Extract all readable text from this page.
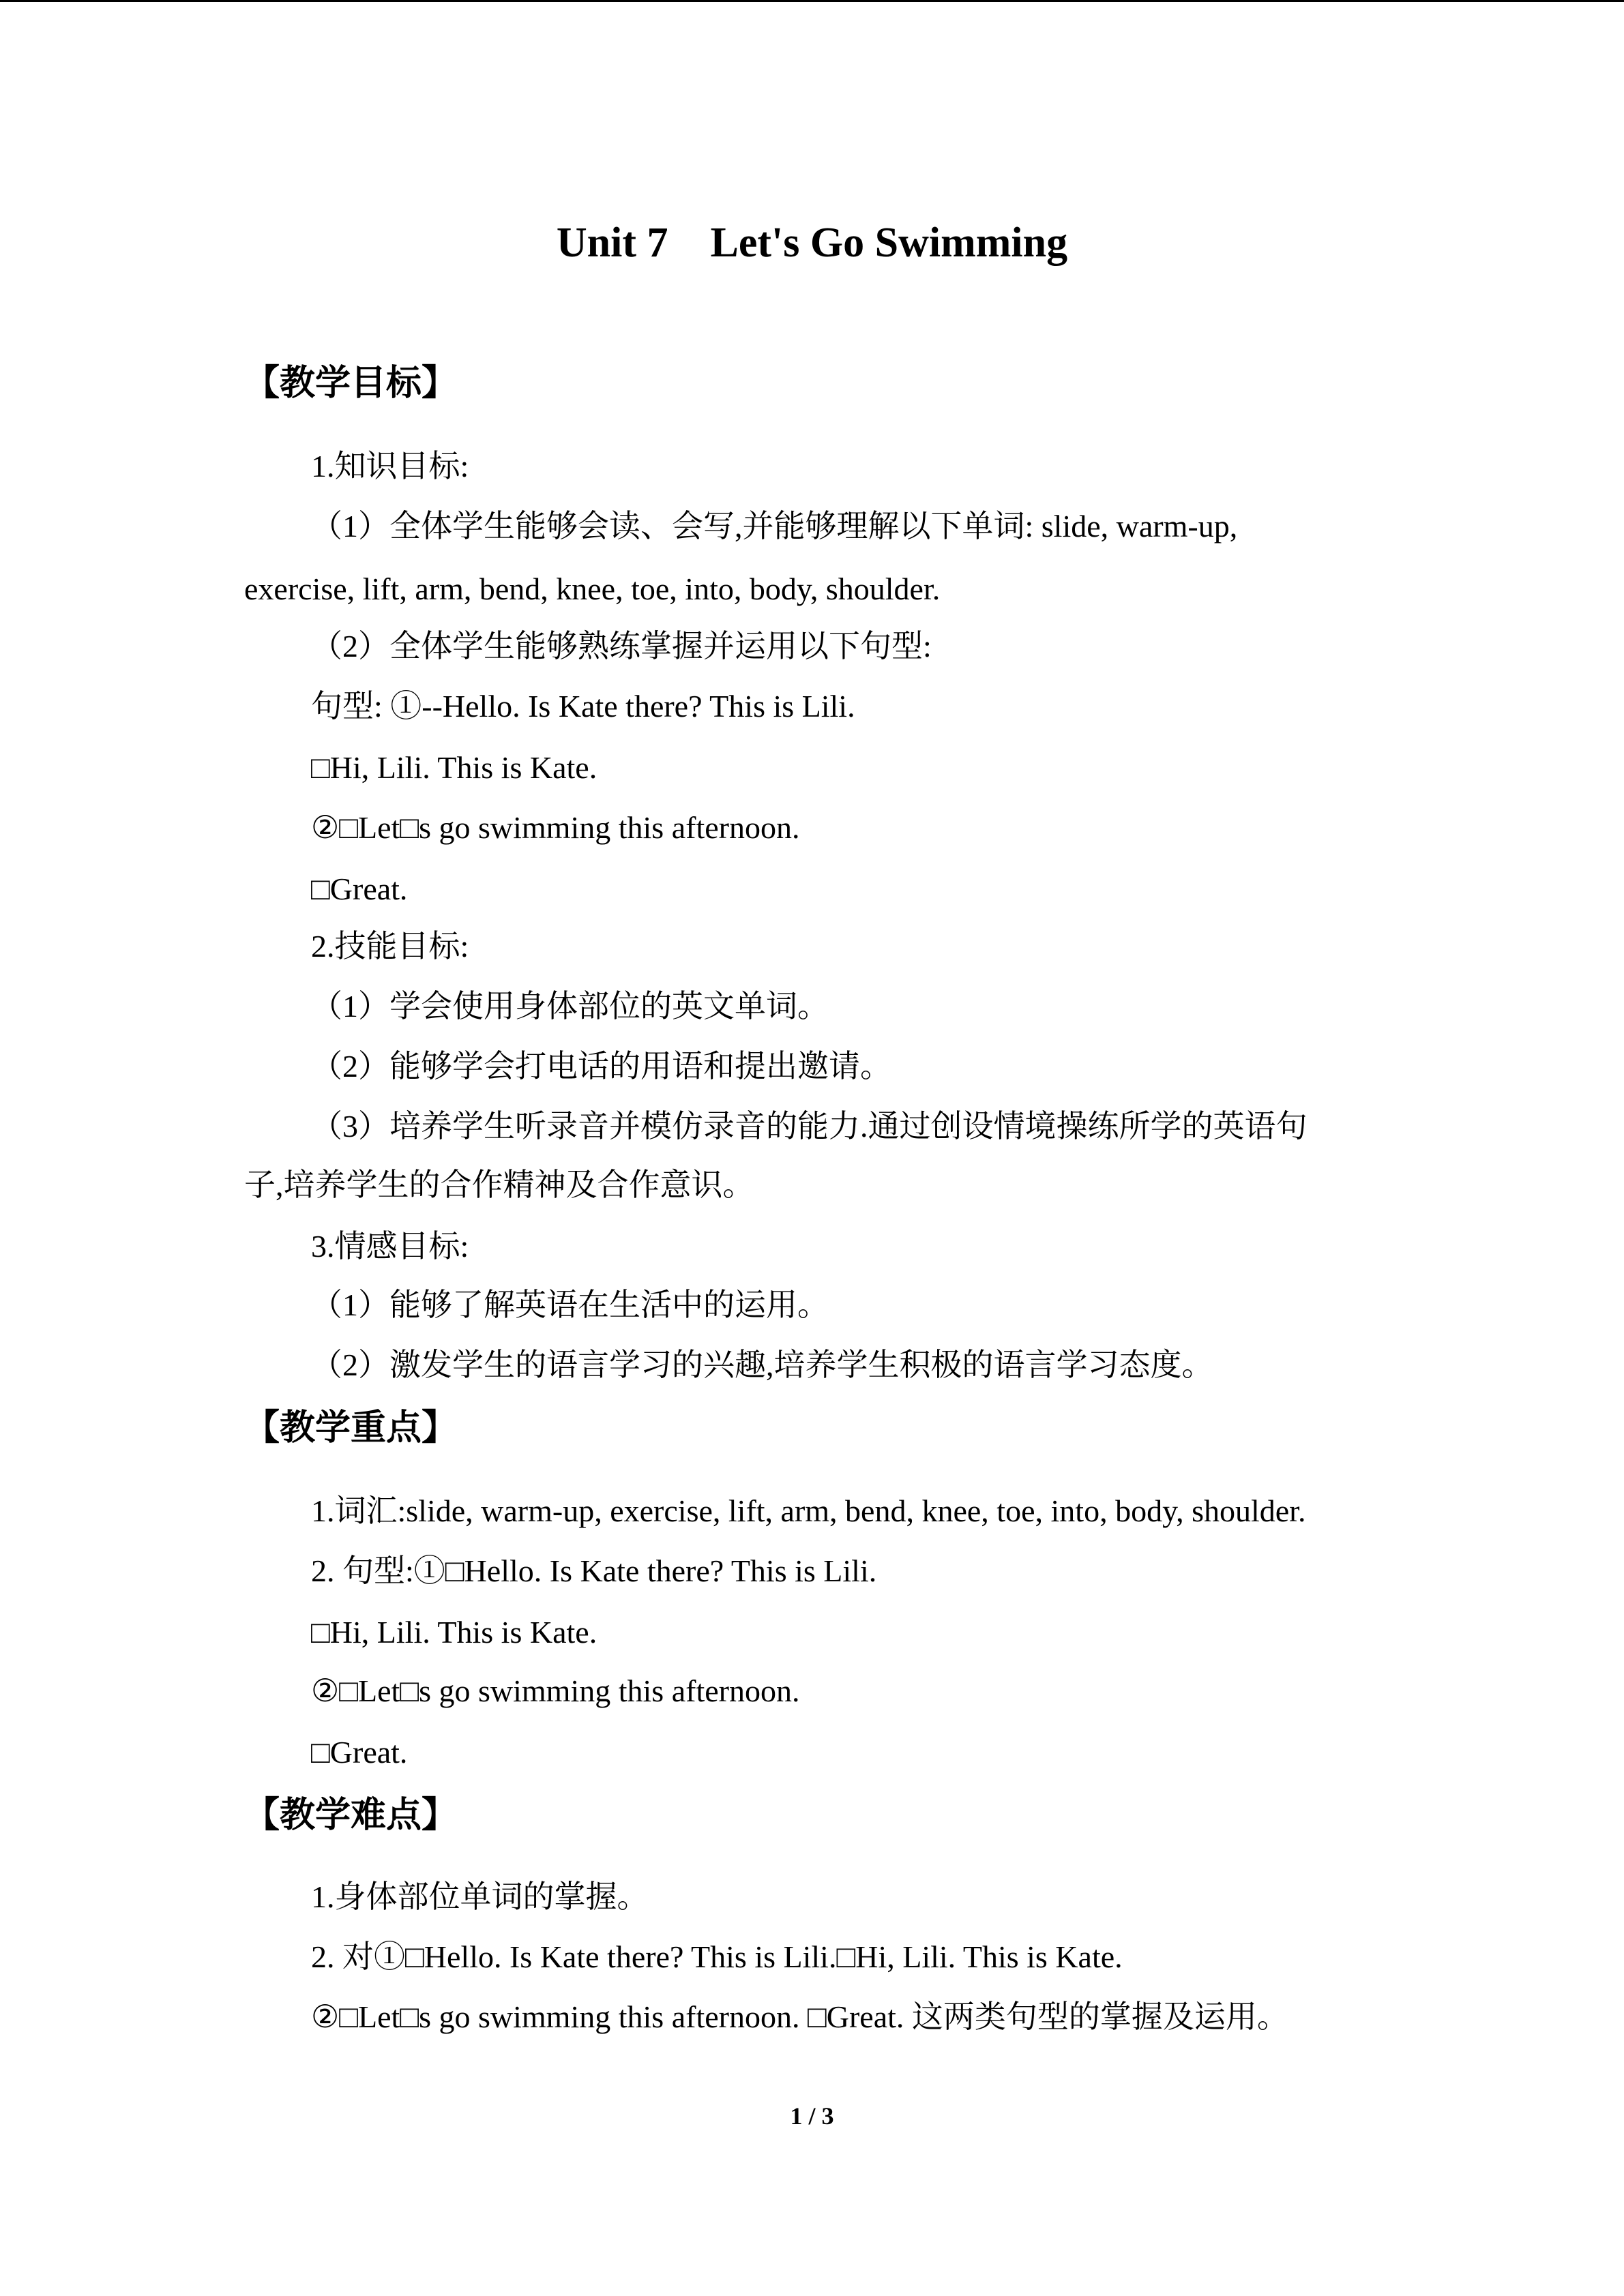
Unit 7　Let's Go Swimming
【教学目标】
1.知识目标:
（1）全体学生能够会读、会写,并能够理解以下单词: slide, warm-up,
exercise, lift, arm, bend, knee, toe, into, body, shoulder.
（2）全体学生能够熟练掌握并运用以下句型:
句型: ①--Hello. Is Kate there? This is Lili.
□Hi, Lili. This is Kate.
②□Let□s go swimming this afternoon.
□Great.
2.技能目标:
（1）学会使用身体部位的英文单词。
（2）能够学会打电话的用语和提出邀请。
（3）培养学生听录音并模仿录音的能力.通过创设情境操练所学的英语句
子,培养学生的合作精神及合作意识。
3.情感目标:
（1）能够了解英语在生活中的运用。
（2）激发学生的语言学习的兴趣,培养学生积极的语言学习态度。
【教学重点】
1.词汇:slide, warm-up, exercise, lift, arm, bend, knee, toe, into, body, shoulder.
2. 句型:①□Hello. Is Kate there? This is Lili.
□Hi, Lili. This is Kate.
②□Let□s go swimming this afternoon.
□Great.
【教学难点】
1.身体部位单词的掌握。
2. 对①□Hello. Is Kate there? This is Lili.□Hi, Lili. This is Kate.
②□Let□s go swimming this afternoon. □Great. 这两类句型的掌握及运用。
1 / 3
